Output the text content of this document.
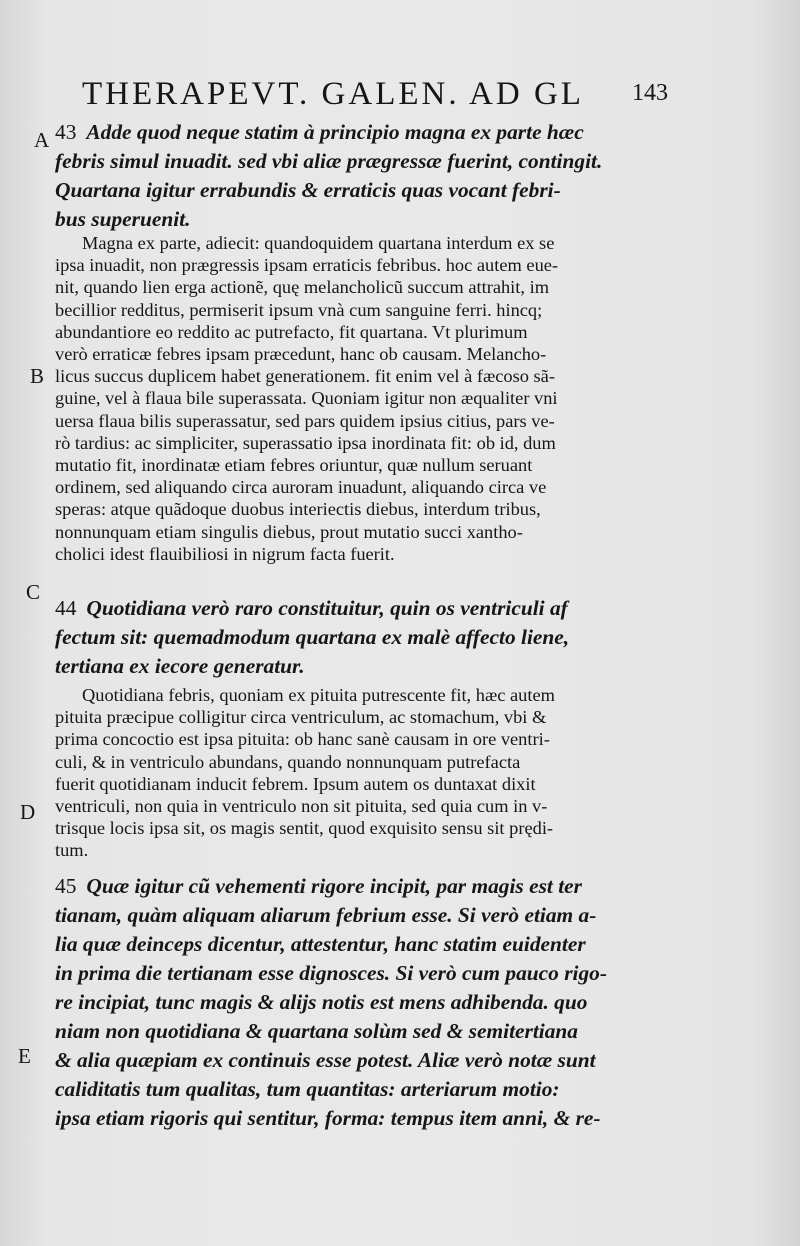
THERAPEVT. GALEN. AD GL 143
A
B
C
D
E
43 Adde quod neque statim à principio magna ex parte hæc
febris simul inuadit. sed vbi aliæ prægressæ fuerint, contingit.
Quartana igitur errabundis & erraticis quas vocant febri-
bus superuenit.
Magna ex parte, adiecit: quandoquidem quartana interdum ex se
ipsa inuadit, non prægressis ipsam erraticis febribus. hoc autem eue-
nit, quando lien erga actionẽ, quę melancholicũ succum attrahit, im
becillior redditus, permiserit ipsum vnà cum sanguine ferri. hincq;
abundantiore eo reddito ac putrefacto, fit quartana. Vt plurimum
verò erraticæ febres ipsam præcedunt, hanc ob causam. Melancho-
licus succus duplicem habet generationem. fit enim vel à fæcoso sã-
guine, vel à flaua bile superassata. Quoniam igitur non æqualiter vni
uersa flaua bilis superassatur, sed pars quidem ipsius citius, pars ve-
rò tardius: ac simpliciter, superassatio ipsa inordinata fit: ob id, dum
mutatio fit, inordinatæ etiam febres oriuntur, quæ nullum seruant
ordinem, sed aliquando circa auroram inuadunt, aliquando circa ve
speras: atque quãdoque duobus interiectis diebus, interdum tribus,
nonnunquam etiam singulis diebus, prout mutatio succi xantho-
cholici idest flauibiliosi in nigrum facta fuerit.
44 Quotidiana verò raro constituitur, quin os ventriculi af
fectum sit: quemadmodum quartana ex malè affecto liene,
tertiana ex iecore generatur.
Quotidiana febris, quoniam ex pituita putrescente fit, hæc autem
pituita præcipue colligitur circa ventriculum, ac stomachum, vbi &
prima concoctio est ipsa pituita: ob hanc sanè causam in ore ventri-
culi, & in ventriculo abundans, quando nonnunquam putrefacta
fuerit quotidianam inducit febrem. Ipsum autem os duntaxat dixit
ventriculi, non quia in ventriculo non sit pituita, sed quia cum in v-
trisque locis ipsa sit, os magis sentit, quod exquisito sensu sit prędi-
tum.
45 Quæ igitur cũ vehementi rigore incipit, par magis est ter
tianam, quàm aliquam aliarum febrium esse. Si verò etiam a-
lia quæ deinceps dicentur, attestentur, hanc statim euidenter
in prima die tertianam esse dignosces. Si verò cum pauco rigo-
re incipiat, tunc magis & alijs notis est mens adhibenda. quo
niam non quotidiana & quartana solùm sed & semitertiana
& alia quæpiam ex continuis esse potest. Aliæ verò notæ sunt
caliditatis tum qualitas, tum quantitas: arteriarum motio:
ipsa etiam rigoris qui sentitur, forma: tempus item anni, & re-
